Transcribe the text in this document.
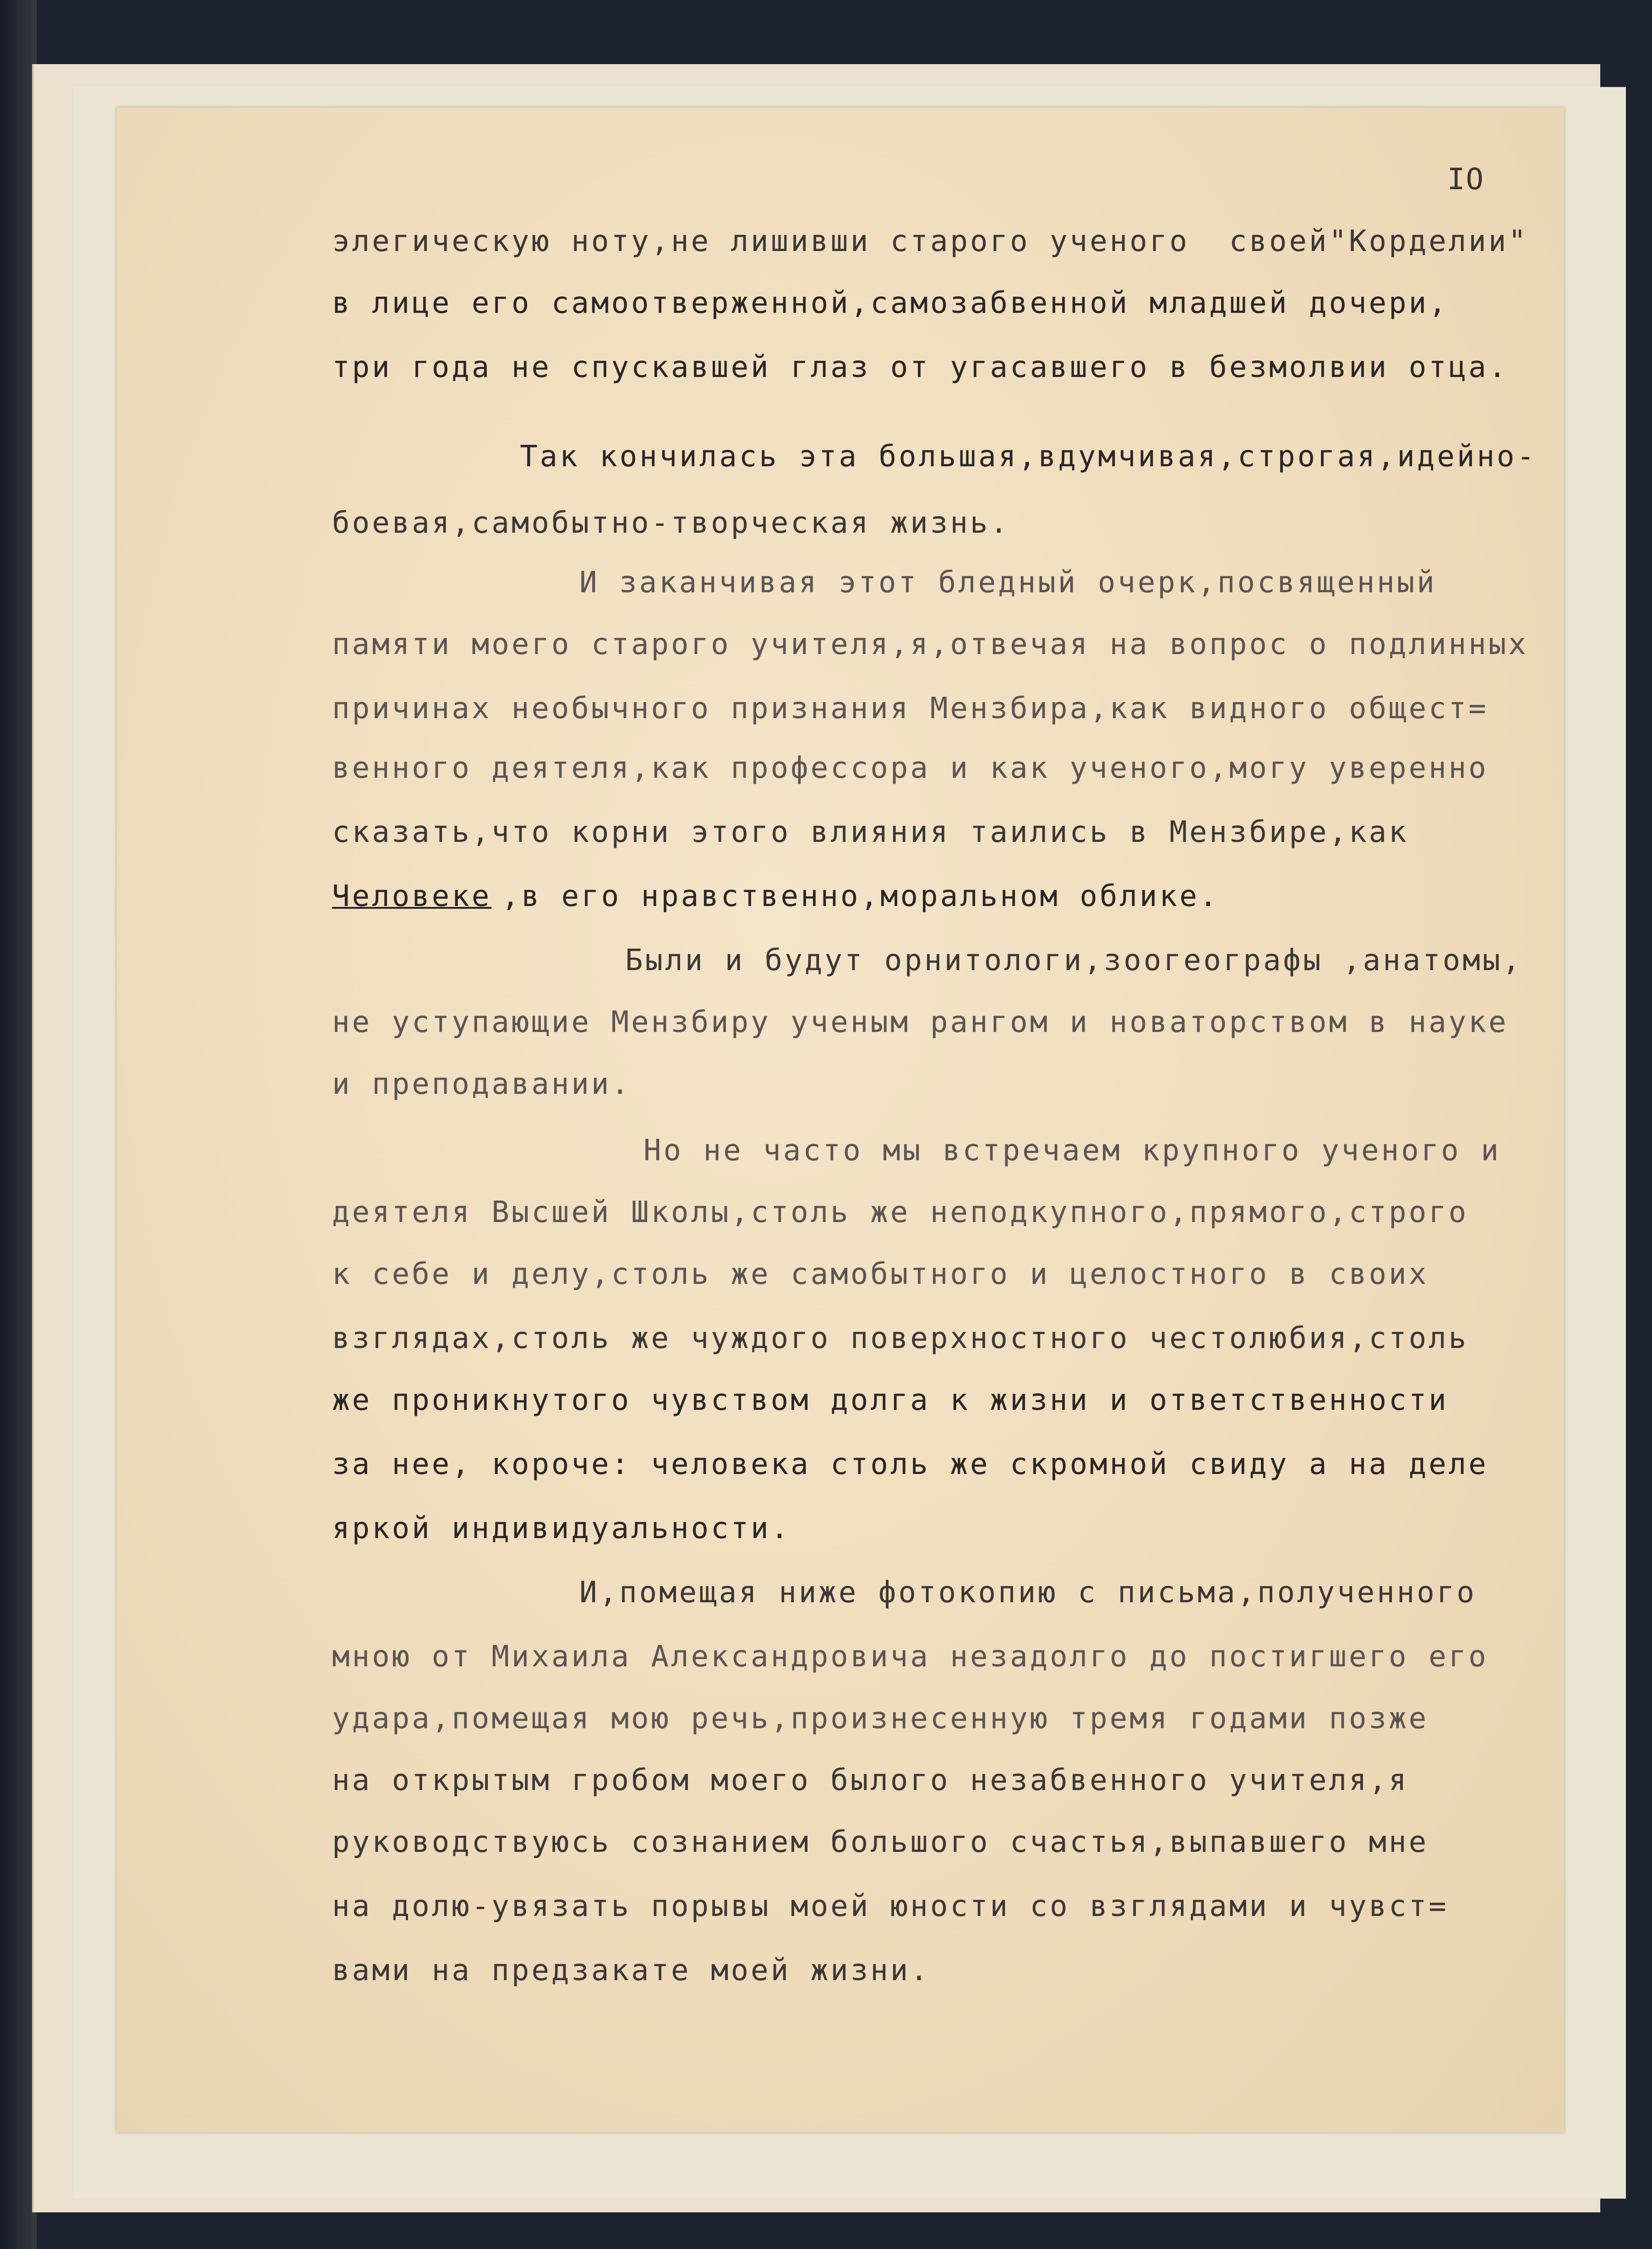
IO
элегическую ноту,не лишивши старого ученого  своей"Корделии"
в лице его самоотверженной,самозабвенной младшей дочери,
три года не спускавшей глаз от угасавшего в безмолвии отца.
Так кончилась эта большая,вдумчивая,строгая,идейно-
боевая,самобытно-творческая жизнь.
И заканчивая этот бледный очерк,посвященный
памяти моего старого учителя,я,отвечая на вопрос о подлинных
причинах необычного признания Мензбира,как видного общест=
венного деятеля,как профессора и как ученого,могу уверенно
сказать,что корни этого влияния таились в Мензбире,как
Человеке ,в его нравственно,моральном облике.
Были и будут орнитологи,зоогеографы ,анатомы,
не уступающие Мензбиру ученым рангом и новаторством в науке
и преподавании.
Но не часто мы встречаем крупного ученого и
деятеля Высшей Школы,столь же неподкупного,прямого,строго
к себе и делу,столь же самобытного и целостного в своих
взглядах,столь же чуждого поверхностного честолюбия,столь
же проникнутого чувством долга к жизни и ответственности
за нее, короче: человека столь же скромной свиду а на деле
яркой индивидуальности.
И,помещая ниже фотокопию с письма,полученного
мною от Михаила Александровича незадолго до постигшего его
удара,помещая мою речь,произнесенную тремя годами позже
на открытым гробом моего былого незабвенного учителя,я
руководствуюсь сознанием большого счастья,выпавшего мне
на долю-увязать порывы моей юности со взглядами и чувст=
вами на предзакате моей жизни.
